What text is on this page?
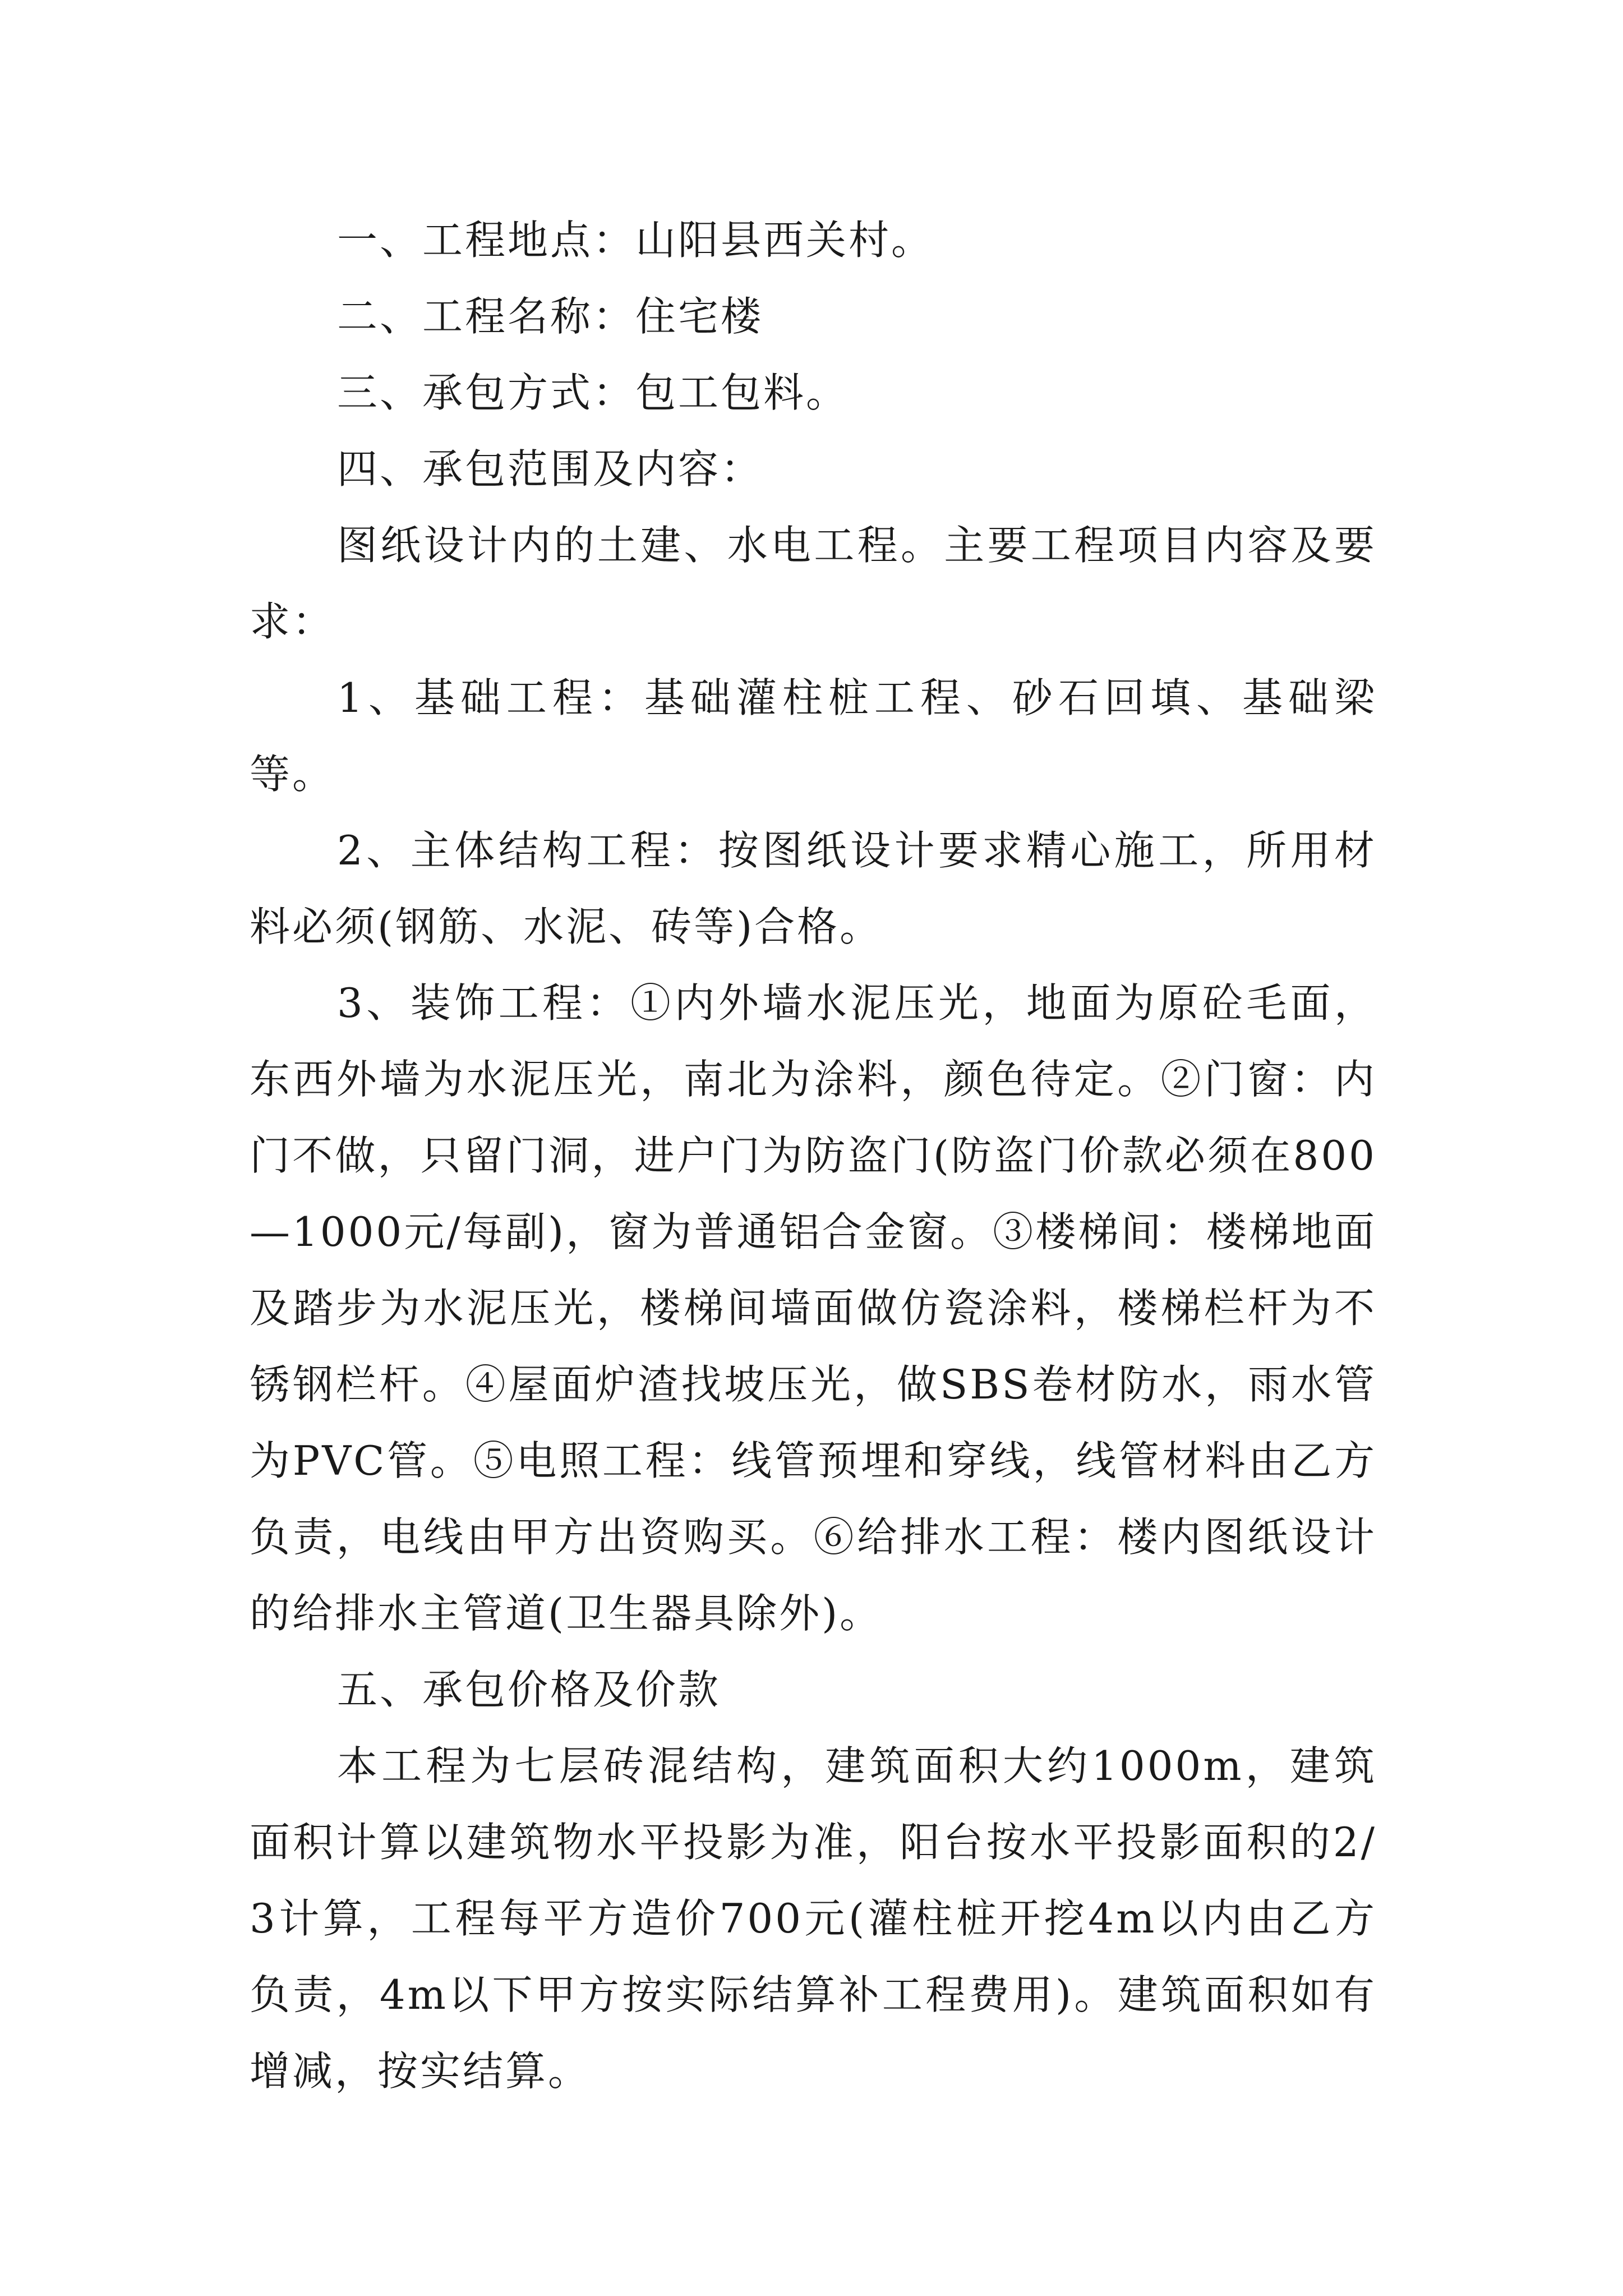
一、工程地点：山阳县西关村。

二、工程名称：住宅楼

三、承包方式：包工包料。

四、承包范围及内容：

图纸设计内的土建、水电工程。主要工程项目内容及要求：

1、基础工程：基础灌柱桩工程、砂石回填、基础梁等。

2、主体结构工程：按图纸设计要求精心施工，所用材料必须(钢筋、水泥、砖等)合格。

3、装饰工程：①内外墙水泥压光，地面为原砼毛面，东西外墙为水泥压光，南北为涂料，颜色待定。②门窗：内门不做，只留门洞，进户门为防盗门(防盗门价款必须在800—1000元/每副)，窗为普通铝合金窗。③楼梯间：楼梯地面及踏步为水泥压光，楼梯间墙面做仿瓷涂料，楼梯栏杆为不锈钢栏杆。④屋面炉渣找坡压光，做SBS卷材防水，雨水管为PVC管。⑤电照工程：线管预埋和穿线，线管材料由乙方负责，电线由甲方出资购买。⑥给排水工程：楼内图纸设计的给排水主管道(卫生器具除外)。

五、承包价格及价款

本工程为七层砖混结构，建筑面积大约1000m，建筑面积计算以建筑物水平投影为准，阳台按水平投影面积的2/3计算，工程每平方造价700元(灌柱桩开挖4m以内由乙方负责，4m以下甲方按实际结算补工程费用)。建筑面积如有增减，按实结算。
